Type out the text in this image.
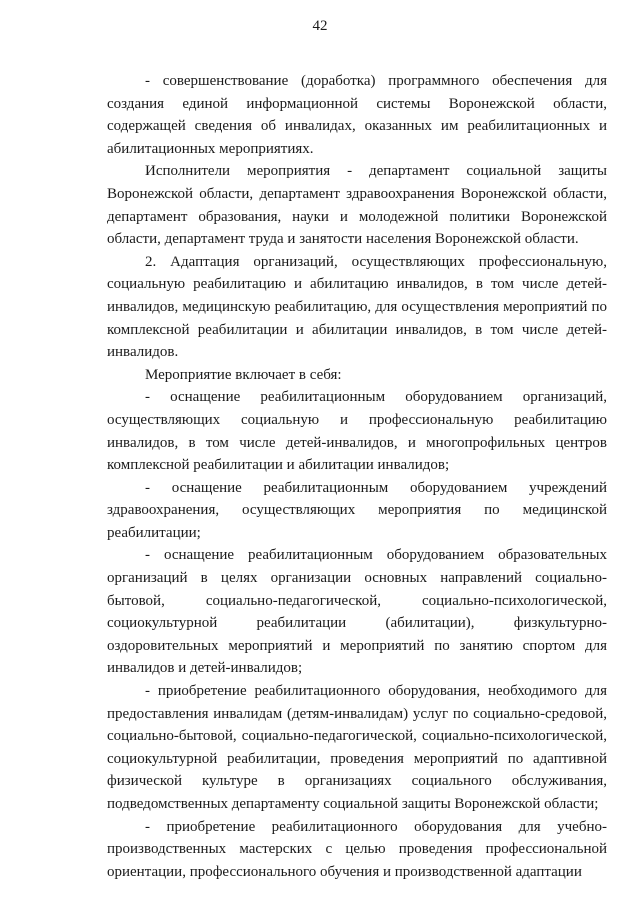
42

- совершенствование (доработка) программного обеспечения для создания единой информационной системы Воронежской области, содержащей сведения об инвалидах, оказанных им реабилитационных и абилитационных мероприятиях.

Исполнители мероприятия - департамент социальной защиты Воронежской области, департамент здравоохранения Воронежской области, департамент образования, науки и молодежной политики Воронежской области, департамент труда и занятости населения Воронежской области.

2. Адаптация организаций, осуществляющих профессиональную, социальную реабилитацию и абилитацию инвалидов, в том числе детей-инвалидов, медицинскую реабилитацию, для осуществления мероприятий по комплексной реабилитации и абилитации инвалидов, в том числе детей-инвалидов.

Мероприятие включает в себя:

- оснащение реабилитационным оборудованием организаций, осуществляющих социальную и профессиональную реабилитацию инвалидов, в том числе детей-инвалидов, и многопрофильных центров комплексной реабилитации и абилитации инвалидов;

- оснащение реабилитационным оборудованием учреждений здравоохранения, осуществляющих мероприятия по медицинской реабилитации;

- оснащение реабилитационным оборудованием образовательных организаций в целях организации основных направлений социально-бытовой, социально-педагогической, социально-психологической, социокультурной реабилитации (абилитации), физкультурно-оздоровительных мероприятий и мероприятий по занятию спортом для инвалидов и детей-инвалидов;

- приобретение реабилитационного оборудования, необходимого для предоставления инвалидам (детям-инвалидам) услуг по социально-средовой, социально-бытовой, социально-педагогической, социально-психологической, социокультурной реабилитации, проведения мероприятий по адаптивной физической культуре в организациях социального обслуживания, подведомственных департаменту социальной защиты Воронежской области;

- приобретение реабилитационного оборудования для учебно-производственных мастерских с целью проведения профессиональной ориентации, профессионального обучения и производственной адаптации
